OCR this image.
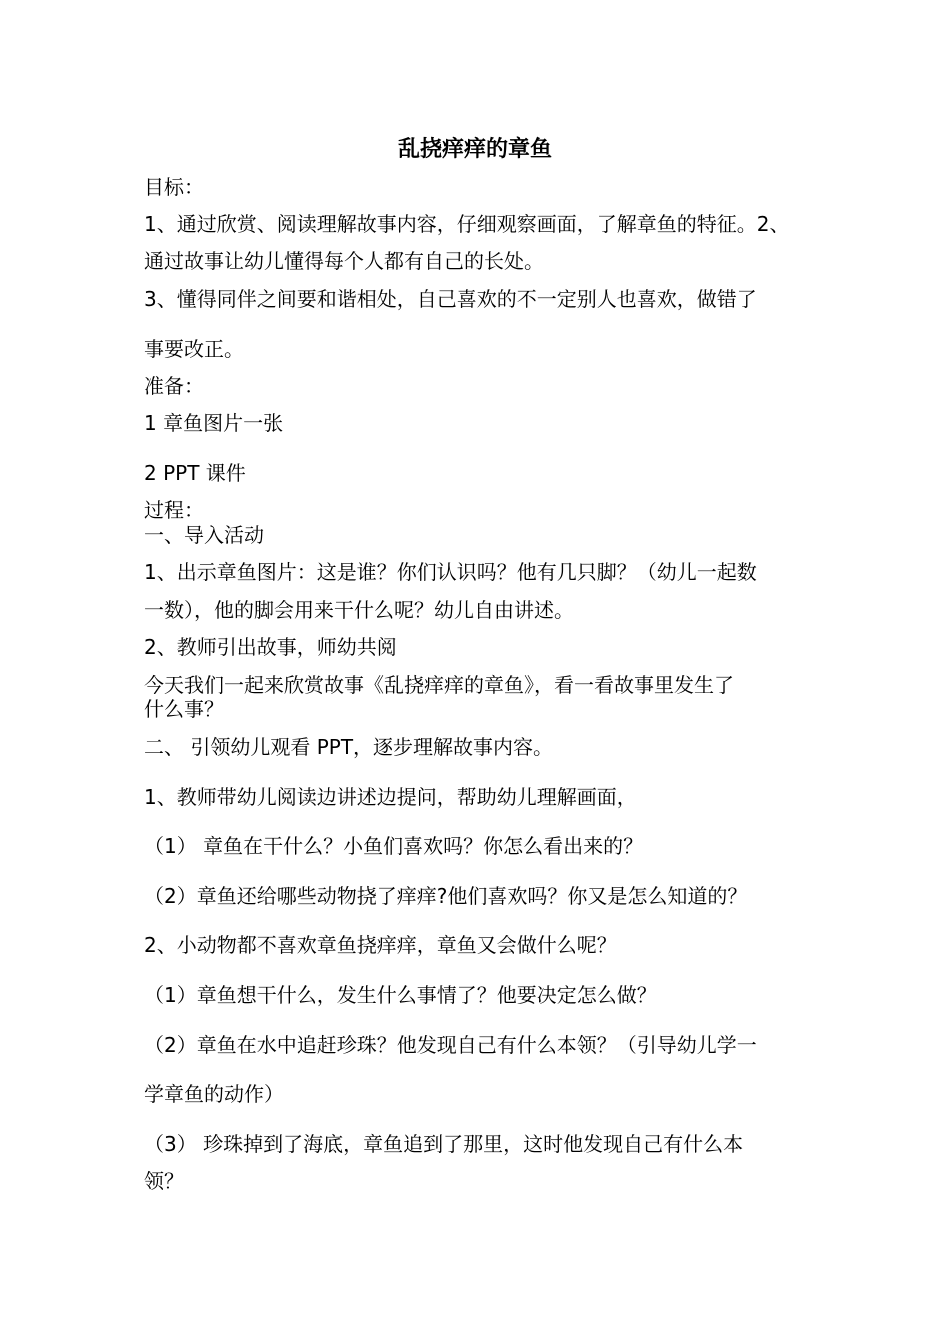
乱挠痒痒的章鱼

目标：

1、通过欣赏、阅读理解故事内容，仔细观察画面，了解章鱼的特征。2、

通过故事让幼儿懂得每个人都有自己的长处。

3、懂得同伴之间要和谐相处，自己喜欢的不一定别人也喜欢，做错了

事要改正。

准备：

1 章鱼图片一张

2 PPT 课件

过程：

一、导入活动

1、出示章鱼图片：这是谁？你们认识吗？他有几只脚？（幼儿一起数

一数），他的脚会用来干什么呢？幼儿自由讲述。

2、教师引出故事，师幼共阅

今天我们一起来欣赏故事《乱挠痒痒的章鱼》，看一看故事里发生了

什么事？

二、 引领幼儿观看 PPT，逐步理解故事内容。

1、教师带幼儿阅读边讲述边提问，帮助幼儿理解画面，

（1） 章鱼在干什么？小鱼们喜欢吗？你怎么看出来的？

（2）章鱼还给哪些动物挠了痒痒?他们喜欢吗？你又是怎么知道的？

2、小动物都不喜欢章鱼挠痒痒，章鱼又会做什么呢？

（1）章鱼想干什么，发生什么事情了？他要决定怎么做？

（2）章鱼在水中追赶珍珠？他发现自己有什么本领？（引导幼儿学一

学章鱼的动作）

（3） 珍珠掉到了海底，章鱼追到了那里，这时他发现自己有什么本

领？
